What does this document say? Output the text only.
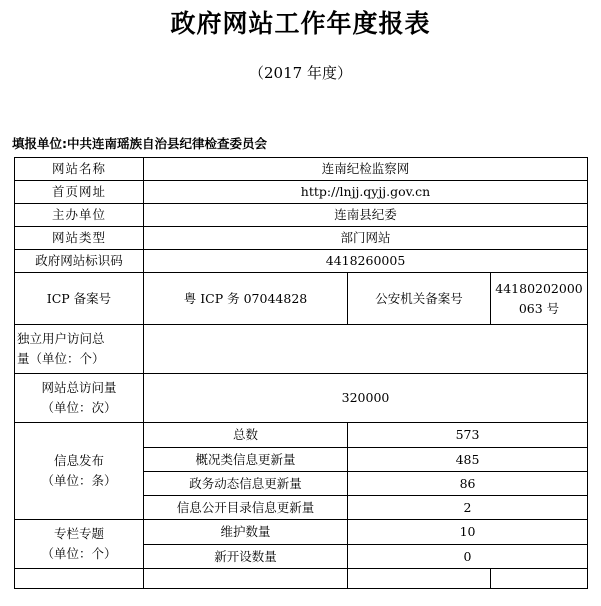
政府网站工作年度报表
（2017 年度）
填报单位:中共连南瑶族自治县纪律检查委员会
网站名称	连南纪检监察网		
首页网址	http://lnjj.qyjj.gov.cn		
主办单位	连南县纪委		
网站类型	部门网站		
政府网站标识码	4418260005		
ICP 备案号	粤 ICP 务 07044828	公安机关备案号	44180202000
063 号

独立用户访问总
量（单位：个）			

网站总访问量
（单位：次）	320000		

信息发布
（单位：条）	总数	573	
	概况类信息更新量	485	
	政务动态信息更新量	86	
	信息公开目录信息更新量	2	

专栏专题
（单位：个）	维护数量	10	
	新开设数量	0	
